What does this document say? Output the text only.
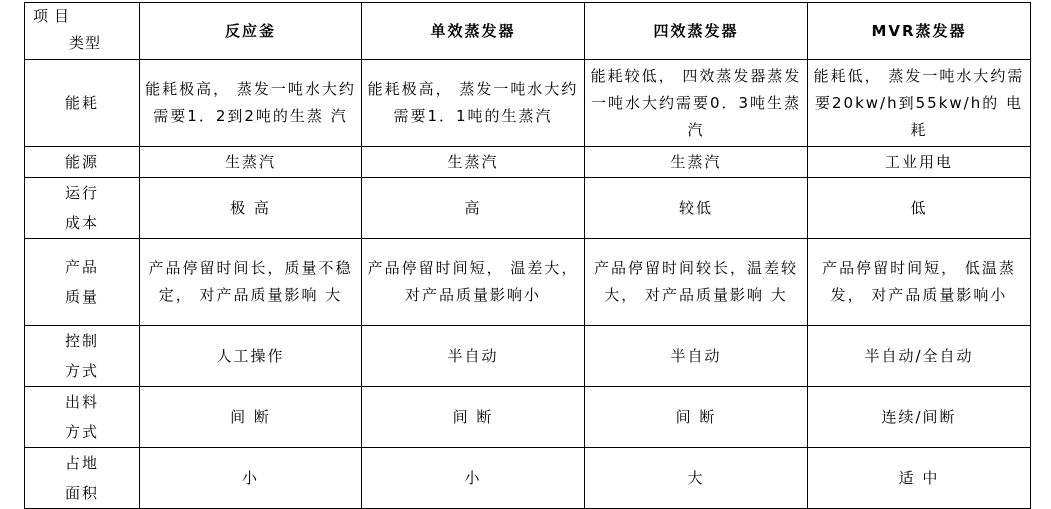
项目
类型	反应釜	单效蒸发器	四效蒸发器	MVR蒸发器

能耗	能耗极高， 蒸发一吨水大约需要1．2到2吨的生蒸 汽	能耗极高， 蒸发一吨水大约需要1．1吨的生蒸汽	能耗较低， 四效蒸发器蒸发一吨水大约需要0．3吨生蒸汽	能耗低， 蒸发一吨水大约需要20kw/h到55kw/h的 电耗

能源	生蒸汽	生蒸汽	生蒸汽	工业用电

运行
成本	极 高	高	较低	低

产品
质量	产品停留时间长，质量不稳定， 对产品质量影响 大	产品停留时间短， 温差大， 对产品质量影响小	产品停留时间较长，温差较大， 对产品质量影响 大	产品停留时间短， 低温蒸发， 对产品质量影响小

控制
方式	人工操作	半自动	半自动	半自动/全自动

出料
方式	间 断	间 断	间 断	连续/间断

占地
面积	小	小	大	适 中
